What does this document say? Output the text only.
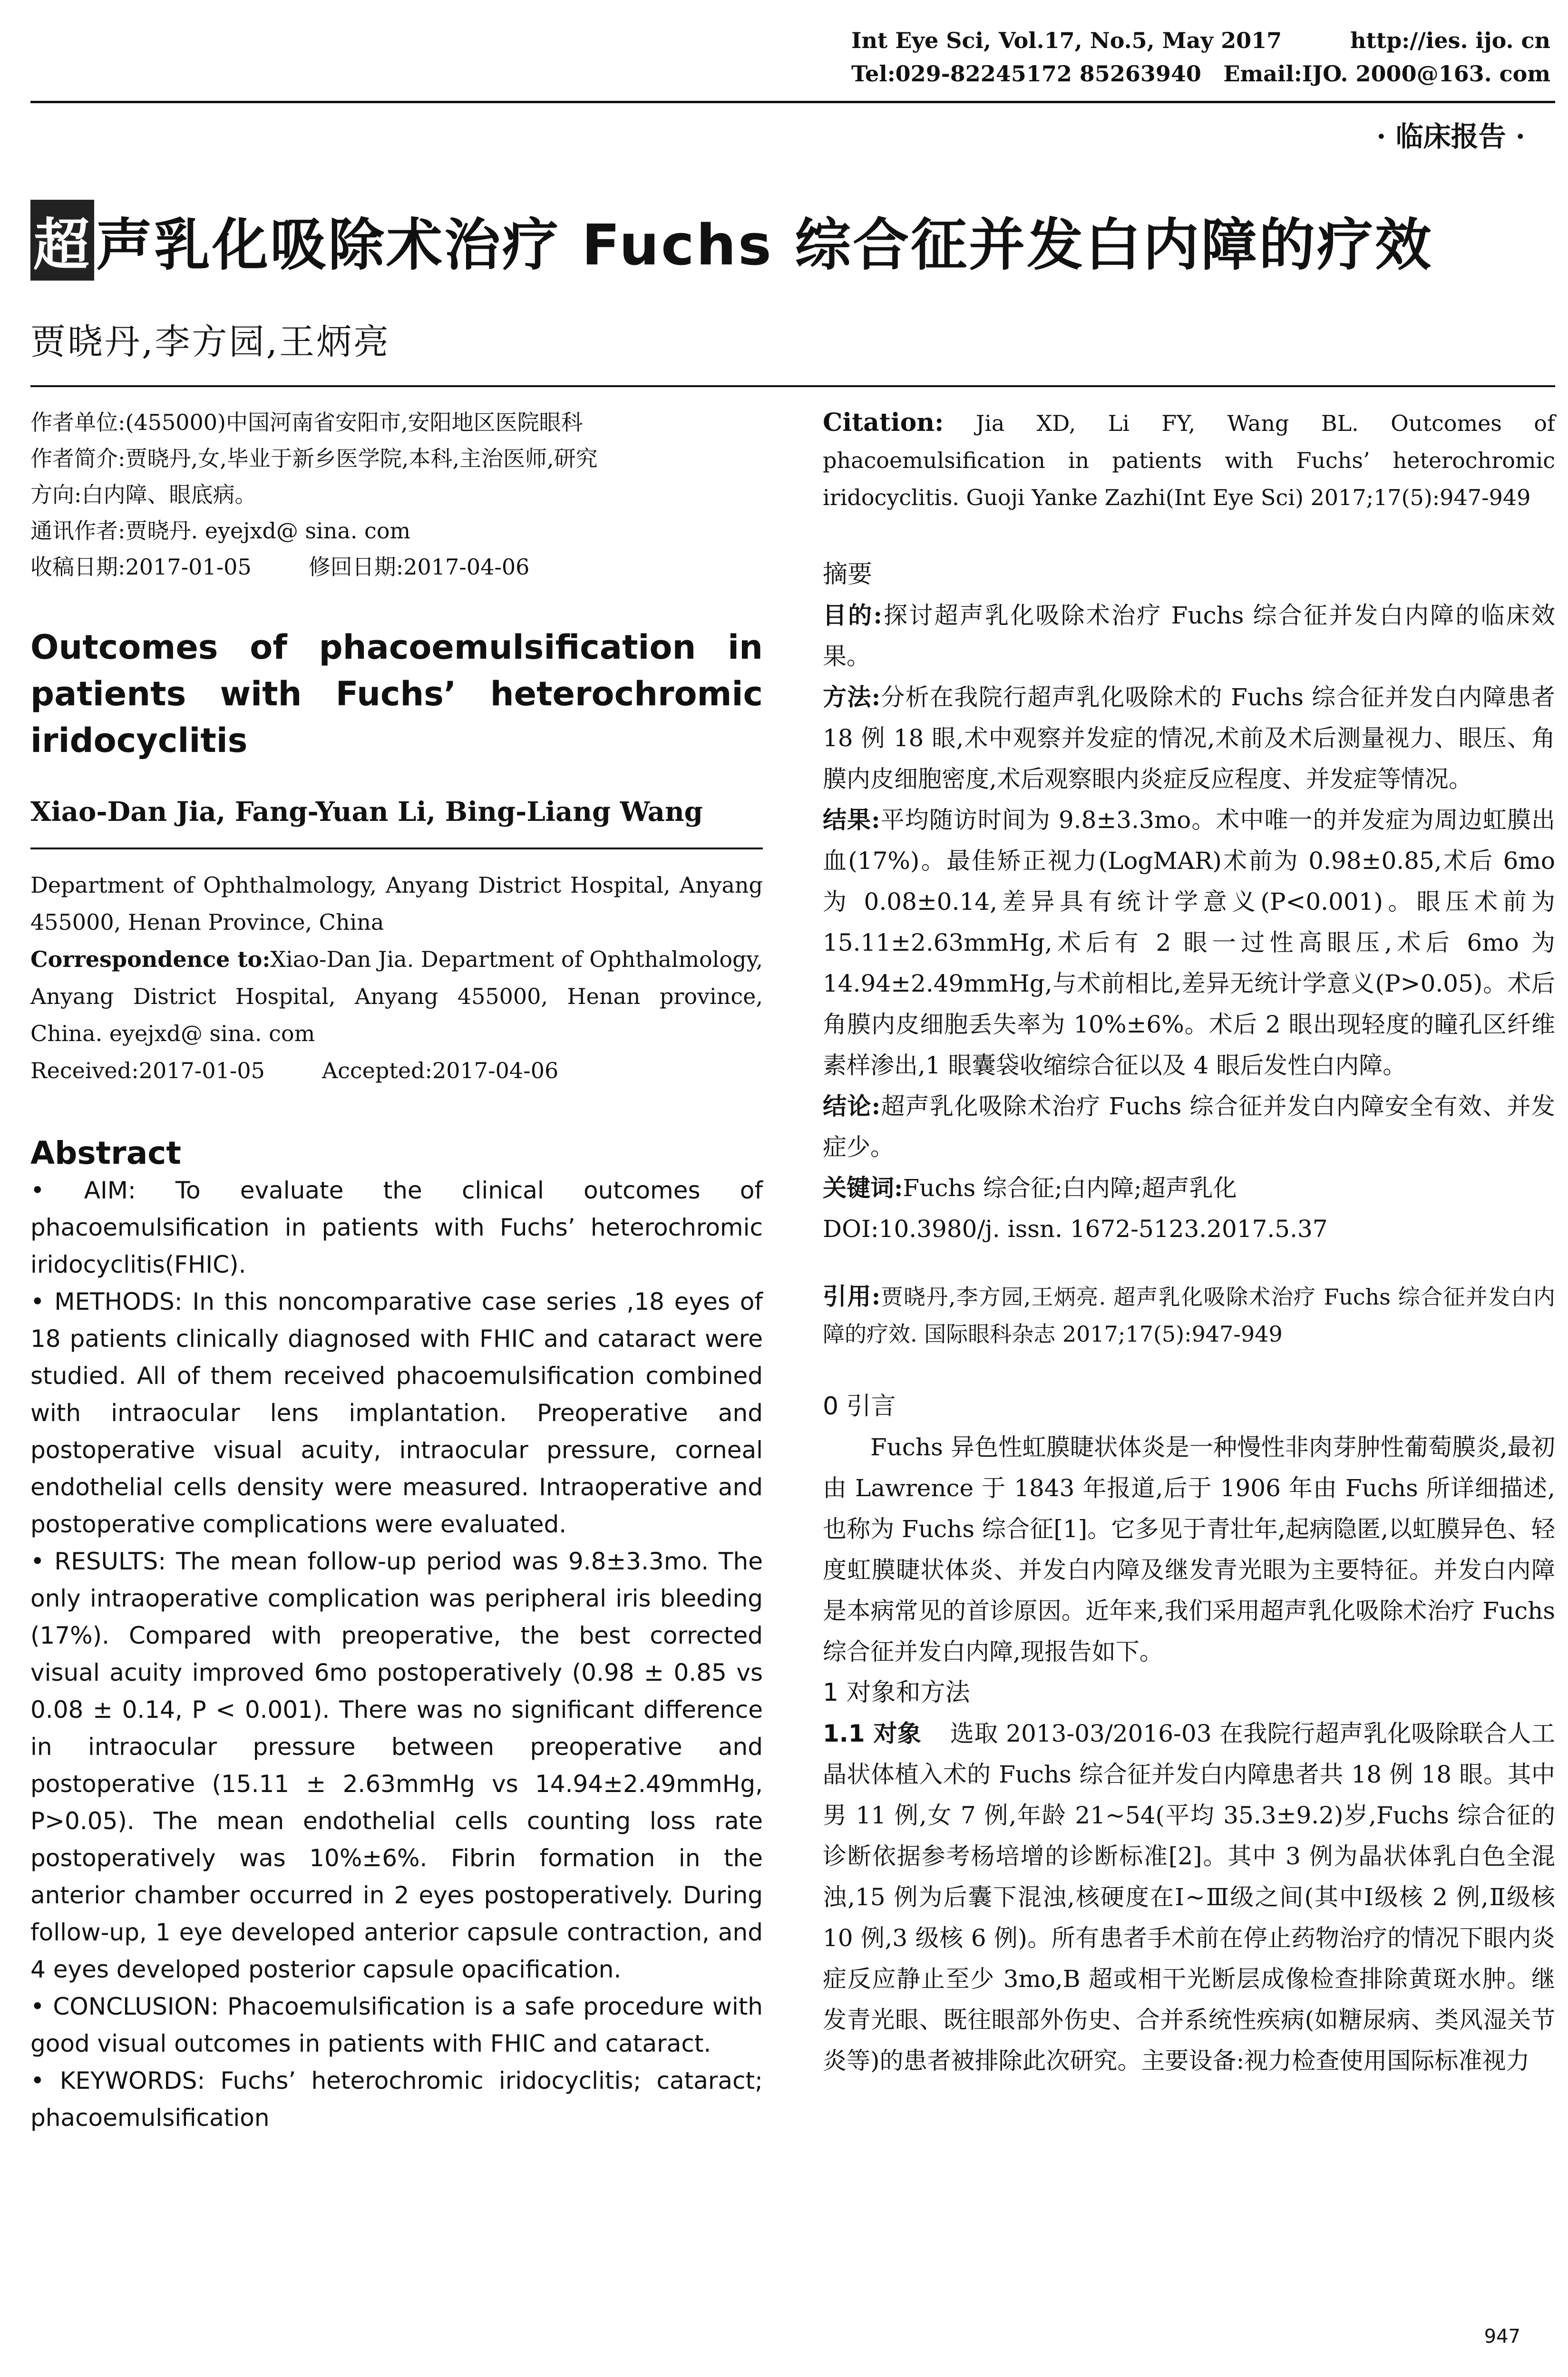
Int Eye Sci, Vol.17, No.5, May 2017	http://ies. ijo. cn
Tel:029-82245172 85263940 Email:IJO. 2000@163. com
· 临床报告 ·
超声乳化吸除术治疗 Fuchs 综合征并发白内障的疗效
贾晓丹,李方园,王炳亮

作者单位:(455000)中国河南省安阳市,安阳地区医院眼科

作者简介:贾晓丹,女,毕业于新乡医学院,本科,主治医师,研究

方向:白内障、眼底病。

通讯作者:贾晓丹. eyejxd@ sina. com

收稿日期:2017-01-05	修回日期:2017-04-06

Outcomes of phacoemulsification in patients with Fuchs’ heterochromic iridocyclitis
Xiao-Dan Jia, Fang-Yuan Li, Bing-Liang Wang

Department of Ophthalmology, Anyang District Hospital, Anyang 455000, Henan Province, China

Correspondence to:Xiao-Dan Jia. Department of Ophthalmology, Anyang District Hospital, Anyang 455000, Henan province, China. eyejxd@ sina. com

Received:2017-01-05	Accepted:2017-04-06

Abstract

• AIM: To evaluate the clinical outcomes of phacoemulsification in patients with Fuchs’ heterochromic iridocyclitis(FHIC).

• METHODS: In this noncomparative case series ,18 eyes of 18 patients clinically diagnosed with FHIC and cataract were studied. All of them received phacoemulsification combined with intraocular lens implantation. Preoperative and postoperative visual acuity, intraocular pressure, corneal endothelial cells density were measured. Intraoperative and postoperative complications were evaluated.

• RESULTS: The mean follow-up period was 9.8±3.3mo. The only intraoperative complication was peripheral iris bleeding (17%). Compared with preoperative, the best corrected visual acuity improved 6mo postoperatively (0.98 ± 0.85 vs 0.08 ± 0.14, P < 0.001). There was no significant difference in intraocular pressure between preoperative and postoperative (15.11 ± 2.63mmHg vs 14.94±2.49mmHg, P>0.05). The mean endothelial cells counting loss rate postoperatively was 10%±6%. Fibrin formation in the anterior chamber occurred in 2 eyes postoperatively. During follow-up, 1 eye developed anterior capsule contraction, and 4 eyes developed posterior capsule opacification.

• CONCLUSION: Phacoemulsification is a safe procedure with good visual outcomes in patients with FHIC and cataract.

• KEYWORDS: Fuchs’ heterochromic iridocyclitis; cataract; phacoemulsification

Citation: Jia XD, Li FY, Wang BL. Outcomes of phacoemulsification in patients with Fuchs’ heterochromic iridocyclitis. Guoji Yanke Zazhi(Int Eye Sci) 2017;17(5):947-949
摘要

目的:探讨超声乳化吸除术治疗 Fuchs 综合征并发白内障的临床效果。

方法:分析在我院行超声乳化吸除术的 Fuchs 综合征并发白内障患者 18 例 18 眼,术中观察并发症的情况,术前及术后测量视力、眼压、角膜内皮细胞密度,术后观察眼内炎症反应程度、并发症等情况。

结果:平均随访时间为 9.8±3.3mo。术中唯一的并发症为周边虹膜出血(17%)。最佳矫正视力(LogMAR)术前为 0.98±0.85,术后 6mo 为 0.08±0.14,差异具有统计学意义(P<0.001)。眼压术前为 15.11±2.63mmHg,术后有 2 眼一过性高眼压,术后 6mo 为 14.94±2.49mmHg,与术前相比,差异无统计学意义(P>0.05)。术后角膜内皮细胞丢失率为 10%±6%。术后 2 眼出现轻度的瞳孔区纤维素样渗出,1 眼囊袋收缩综合征以及 4 眼后发性白内障。

结论:超声乳化吸除术治疗 Fuchs 综合征并发白内障安全有效、并发症少。

关键词:Fuchs 综合征;白内障;超声乳化

DOI:10.3980/j. issn. 1672-5123.2017.5.37

引用:贾晓丹,李方园,王炳亮. 超声乳化吸除术治疗 Fuchs 综合征并发白内障的疗效. 国际眼科杂志 2017;17(5):947-949
0 引言
Fuchs 异色性虹膜睫状体炎是一种慢性非肉芽肿性葡萄膜炎,最初由 Lawrence 于 1843 年报道,后于 1906 年由 Fuchs 所详细描述,也称为 Fuchs 综合征[1]。它多见于青壮年,起病隐匿,以虹膜异色、轻度虹膜睫状体炎、并发白内障及继发青光眼为主要特征。并发白内障是本病常见的首诊原因。近年来,我们采用超声乳化吸除术治疗 Fuchs 综合征并发白内障,现报告如下。
1 对象和方法
1.1 对象 选取 2013-03/2016-03 在我院行超声乳化吸除联合人工晶状体植入术的 Fuchs 综合征并发白内障患者共 18 例 18 眼。其中男 11 例,女 7 例,年龄 21~54(平均 35.3±9.2)岁,Fuchs 综合征的诊断依据参考杨培增的诊断标准[2]。其中 3 例为晶状体乳白色全混浊,15 例为后囊下混浊,核硬度在Ⅰ~Ⅲ级之间(其中Ⅰ级核 2 例,Ⅱ级核 10 例,3 级核 6 例)。所有患者手术前在停止药物治疗的情况下眼内炎症反应静止至少 3mo,B 超或相干光断层成像检查排除黄斑水肿。继发青光眼、既往眼部外伤史、合并系统性疾病(如糖尿病、类风湿关节炎等)的患者被排除此次研究。主要设备:视力检查使用国际标准视力
947
